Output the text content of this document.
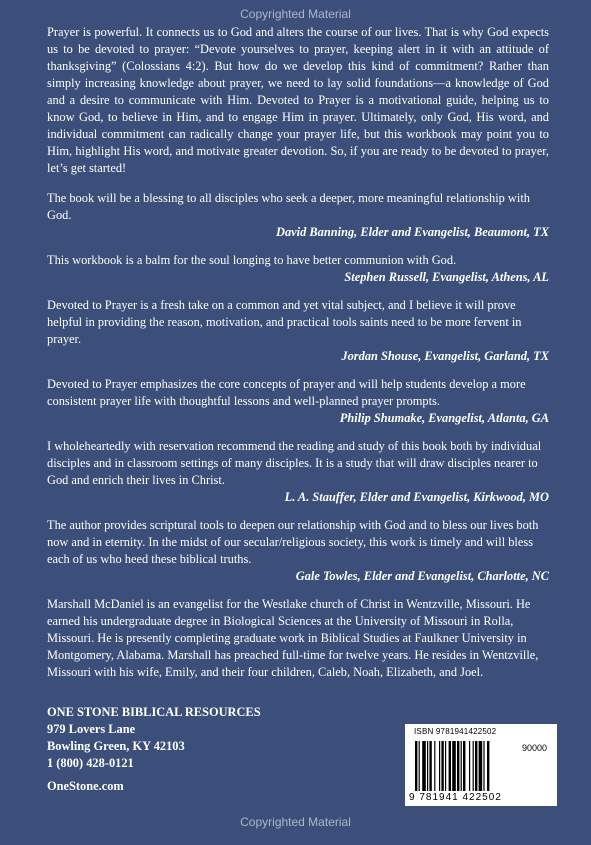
Copyrighted Material

Prayer is powerful. It connects us to God and alters the course of our lives. That is why God expects us to be devoted to prayer: “Devote yourselves to prayer, keeping alert in it with an attitude of thanksgiving” (Colossians 4:2). But how do we develop this kind of commitment? Rather than simply increasing knowledge about prayer, we need to lay solid foundations—a knowledge of God and a desire to communicate with Him. Devoted to Prayer is a motivational guide, helping us to know God, to believe in Him, and to engage Him in prayer. Ultimately, only God, His word, and individual commitment can radically change your prayer life, but this workbook may point you to Him, highlight His word, and motivate greater devotion. So, if you are ready to be devoted to prayer, let’s get started!

The book will be a blessing to all disciples who seek a deeper, more meaningful relationship with God.

David Banning, Elder and Evangelist, Beaumont, TX

This workbook is a balm for the soul longing to have better communion with God.

Stephen Russell, Evangelist, Athens, AL

Devoted to Prayer is a fresh take on a common and yet vital subject, and I believe it will prove helpful in providing the reason, motivation, and practical tools saints need to be more fervent in prayer.

Jordan Shouse, Evangelist, Garland, TX

Devoted to Prayer emphasizes the core concepts of prayer and will help students develop a more consistent prayer life with thoughtful lessons and well-planned prayer prompts.

Philip Shumake, Evangelist, Atlanta, GA

I wholeheartedly with reservation recommend the reading and study of this book both by individual disciples and in classroom settings of many disciples. It is a study that will draw disciples nearer to God and enrich their lives in Christ.

L. A. Stauffer, Elder and Evangelist, Kirkwood, MO

The author provides scriptural tools to deepen our relationship with God and to bless our lives both now and in eternity. In the midst of our secular/religious society, this work is timely and will bless each of us who heed these biblical truths.

Gale Towles, Elder and Evangelist, Charlotte, NC

Marshall McDaniel is an evangelist for the Westlake church of Christ in Wentzville, Missouri. He earned his undergraduate degree in Biological Sciences at the University of Missouri in Rolla, Missouri. He is presently completing graduate work in Biblical Studies at Faulkner University in Montgomery, Alabama. Marshall has preached full-time for twelve years. He resides in Wentzville, Missouri with his wife, Emily, and their four children, Caleb, Noah, Elizabeth, and Joel.

ONE STONE BIBLICAL RESOURCES
979 Lovers Lane
Bowling Green, KY 42103
1 (800) 428-0121
OneStone.com
ISBN 9781941422502
90000
9 781941 422502
Copyrighted Material
